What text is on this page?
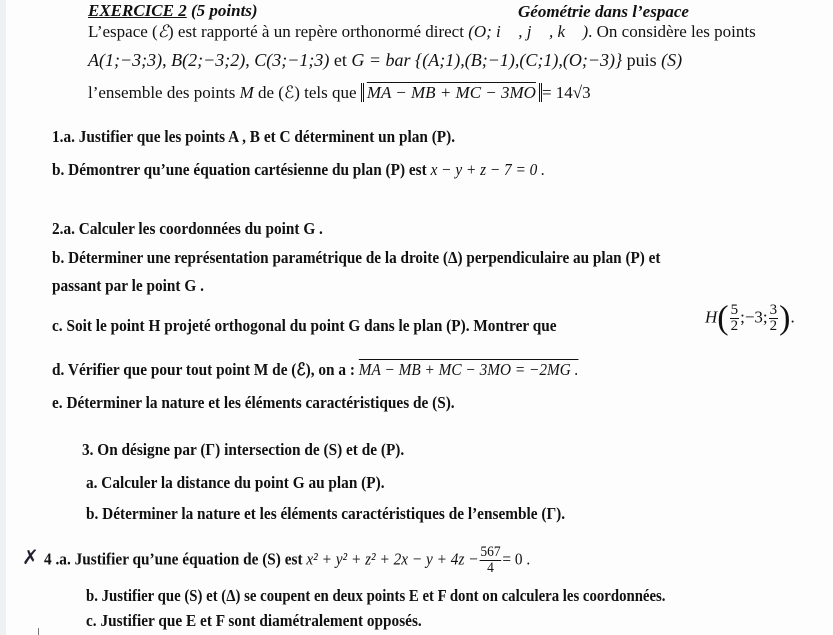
EXERCICE 2 (5 points)	Géométrie dans l’espace
L’espace (ℰ) est rapporté à un repère orthonormé direct (O; i⃗ , j⃗ , k⃗ ). On considère les points
A(1;−3;3), B(2;−3;2), C(3;−1;3) et G = bar {(A;1),(B;−1),(C;1),(O;−3)} puis (S)
l’ensemble des points M de (ℰ) tels que MA − MB + MC − 3MO = 14√3
1.a. Justifier que les points A , B et C déterminent un plan (P).
b. Démontrer qu’une équation cartésienne du plan (P) est x − y + z − 7 = 0 .
2.a. Calculer les coordonnées du point G .
b. Déterminer une représentation paramétrique de la droite (Δ) perpendiculaire au plan (P) et
passant par le point G .
c. Soit le point H projeté orthogonal du point G dans le plan (P). Montrer que	$H( \frac{5}{2}$ ;−3; $\frac{3}{2}$ ).
d. Vérifier que pour tout point M de (ℰ), on a : MA − MB + MC − 3MO = −2MG .
e. Déterminer la nature et les éléments caractéristiques de (S).
3. On désigne par (Γ) intersection de (S) et de (P).
a. Calculer la distance du point G au plan (P).
b. Déterminer la nature et les éléments caractéristiques de l’ensemble (Γ).
✗ 4 .a. Justifier qu’une équation de (S) est $x^2 + y^2 + z^2 + 2x - y + 4z - \frac{567}{4} = 0$ .
b. Justifier que (S) et (Δ) se coupent en deux points E et F dont on calculera les coordonnées.
c. Justifier que E et F sont diamétralement opposés.
